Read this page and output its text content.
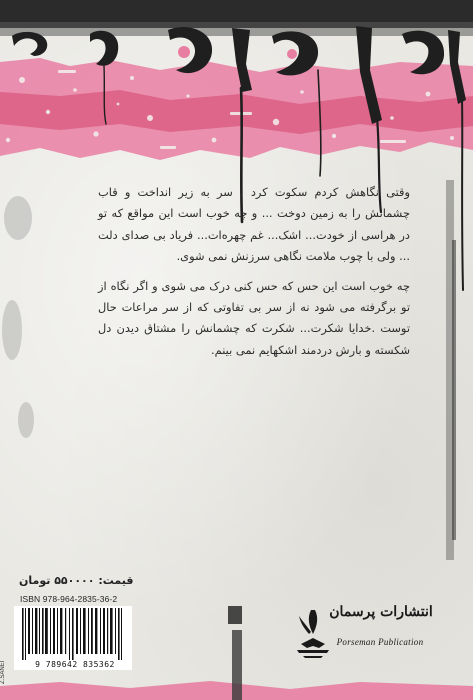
وقتی نگاهش کردم سکوت کرد . سر به زیر انداخت و قاب چشمانش را به زمین دوخت ... و چه خوب است این مواقع که تو در هراسی از خودت... اشک... غم چهره‌ات... فریاد بی صدای دلت ... ولی با چوب ملامت نگاهی سرزنش نمی شوی.

چه خوب است این حس که حس کنی درک می شوی و اگر نگاه از تو برگرفته می شود نه از سر بی تفاوتی که از سر مراعات حال توست .خدایا شکرت... شکرت که چشمانش را مشتاق دیدن دل شکسته و بارش دردمند اشکهایم نمی بینم.

قیمت: ۵۵۰۰۰۰ تومان
ISBN 978-964-2835-36-2
9 789642 835362
Z.SANEI
انتشارات پرسمان
Porseman Publication
